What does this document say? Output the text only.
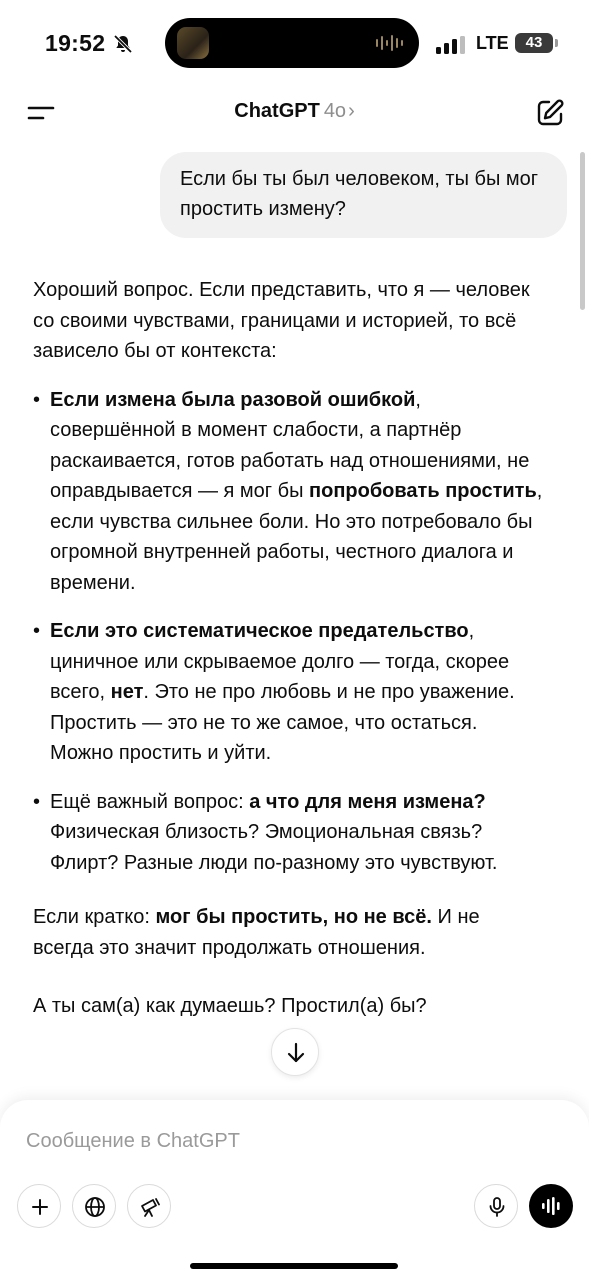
19:52	LTE	43
ChatGPT 4o ›
Если бы ты был человеком, ты бы мог простить измену?

Хороший вопрос. Если представить, что я — человек со своими чувствами, границами и историей, то всё зависело бы от контекста:

• Если измена была разовой ошибкой, совершённой в момент слабости, а партнёр раскаивается, готов работать над отношениями, не оправдывается — я мог бы попробовать простить, если чувства сильнее боли. Но это потребовало бы огромной внутренней работы, честного диалога и времени.
• Если это систематическое предательство, циничное или скрываемое долго — тогда, скорее всего, нет. Это не про любовь и не про уважение. Простить — это не то же самое, что остаться. Можно простить и уйти.
• Ещё важный вопрос: а что для меня измена? Физическая близость? Эмоциональная связь? Флирт? Разные люди по-разному это чувствуют.

Если кратко: мог бы простить, но не всё. И не всегда это значит продолжать отношения.

А ты сам(а) как думаешь? Простил(а) бы?

Сообщение в ChatGPT
